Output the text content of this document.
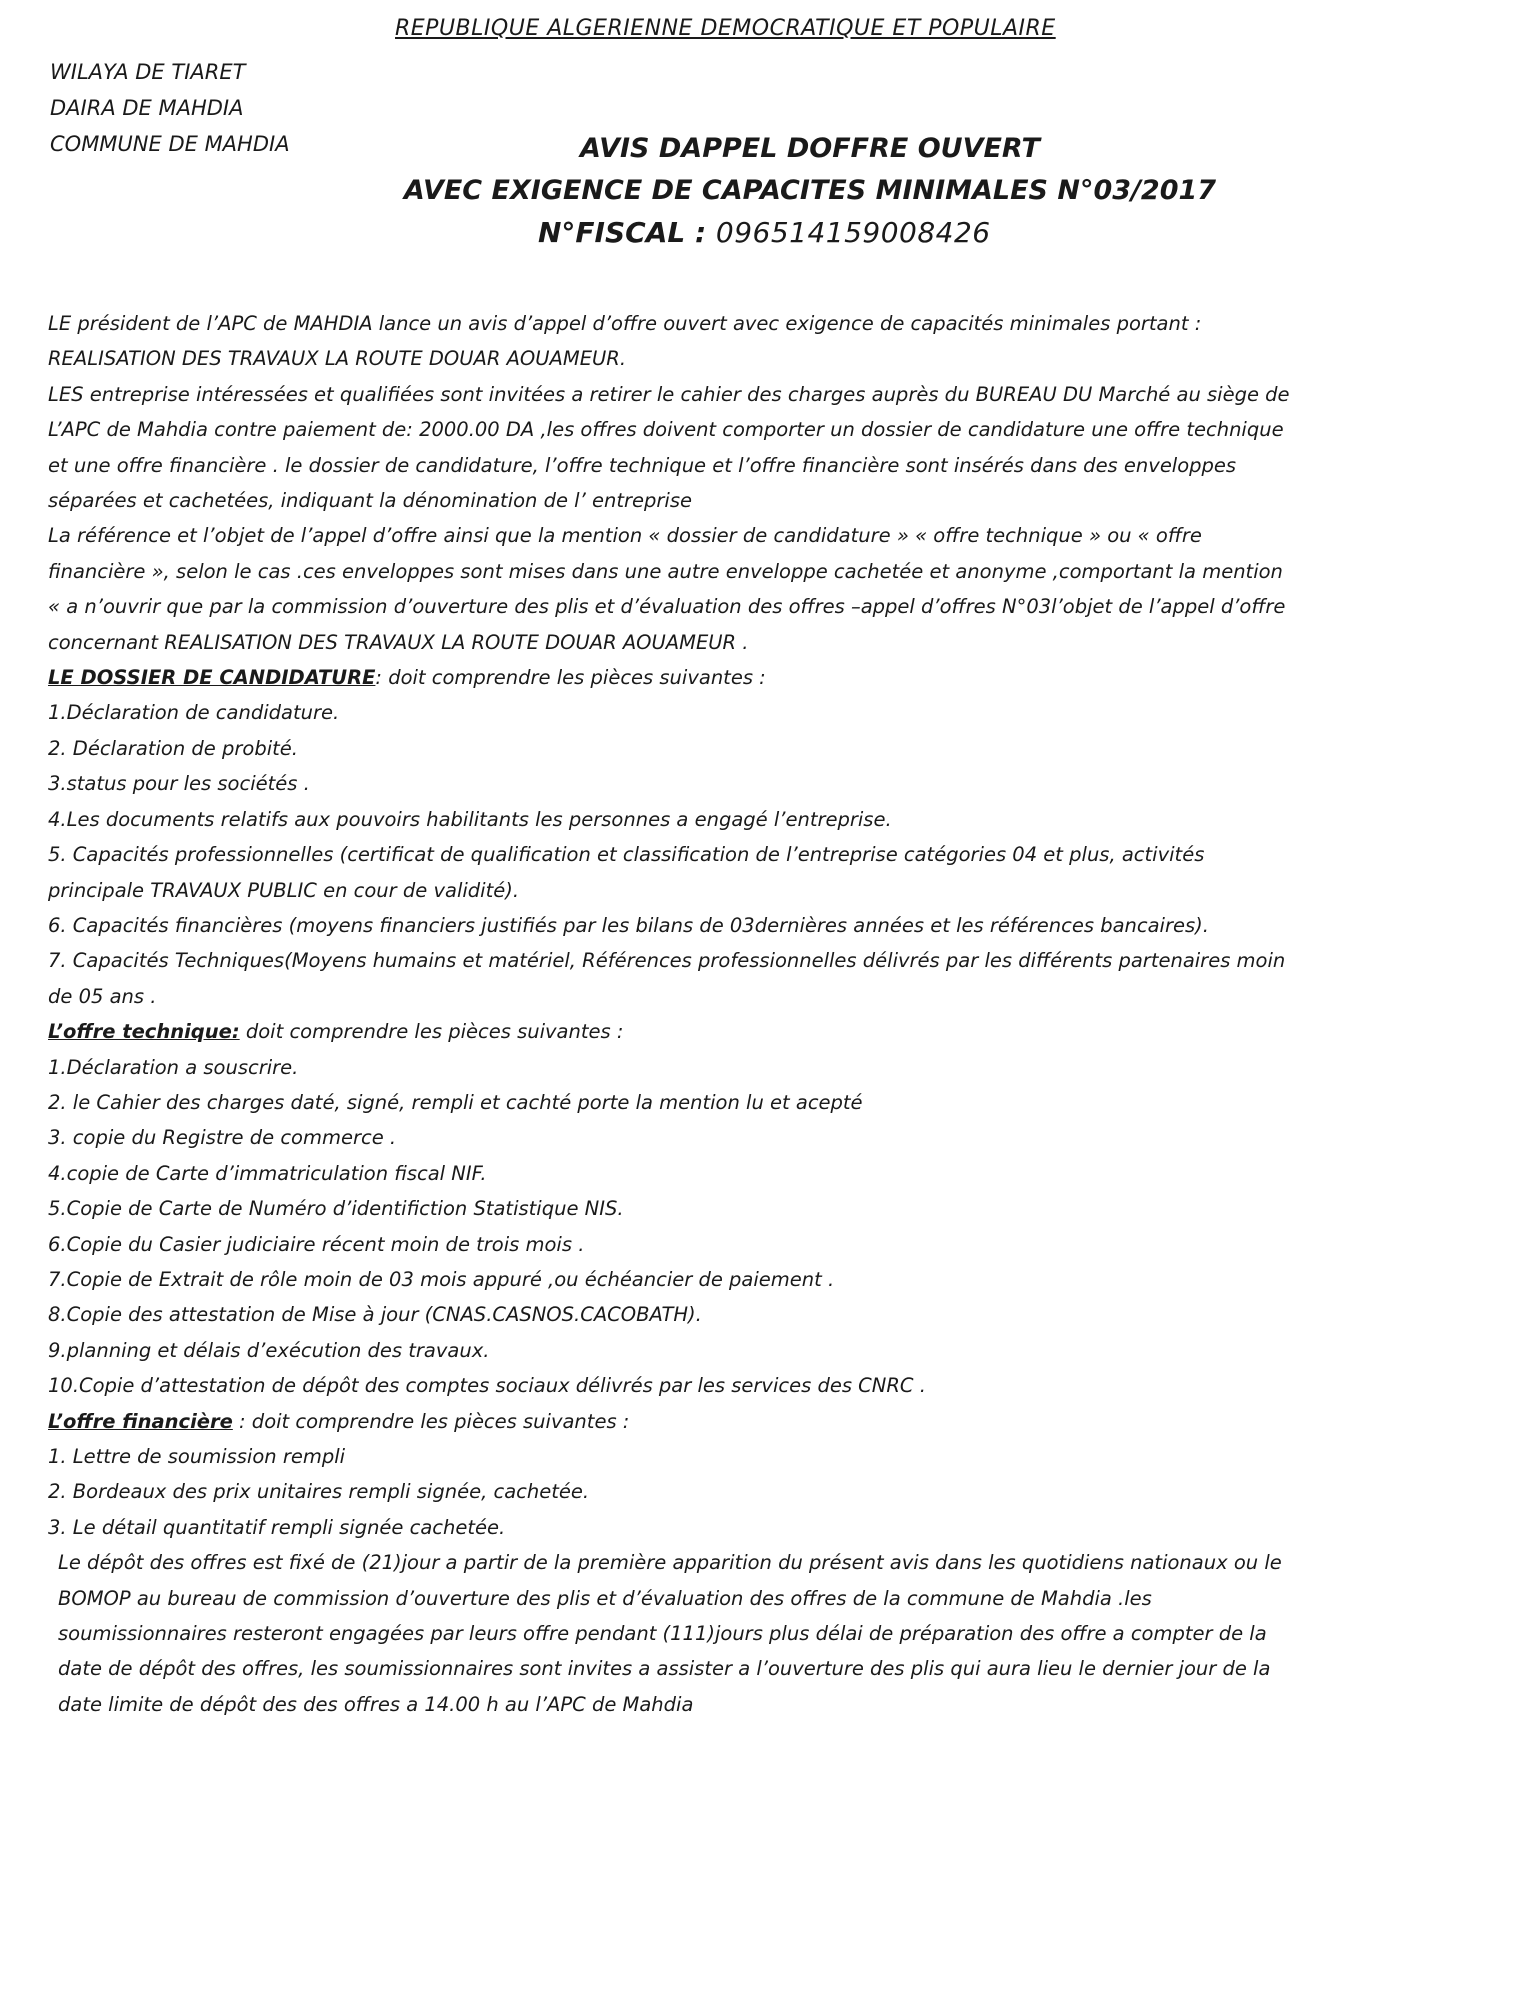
REPUBLIQUE ALGERIENNE DEMOCRATIQUE ET POPULAIRE
WILAYA DE TIARET
DAIRA DE MAHDIA
COMMUNE DE MAHDIA	AVIS DAPPEL DOFFRE OUVERT
AVEC EXIGENCE DE CAPACITES MINIMALES N°03/2017
N°FISCAL : 096514159008426
LE président de l’APC de MAHDIA lance un avis d’appel d’offre ouvert avec exigence de capacités minimales portant :
REALISATION DES TRAVAUX LA ROUTE DOUAR AOUAMEUR.
LES entreprise intéressées et qualifiées sont invitées a retirer le cahier des charges auprès du BUREAU DU Marché au siège de
L’APC de Mahdia contre paiement de: 2000.00 DA ,les offres doivent comporter un dossier de candidature une offre technique
et une offre financière . le dossier de candidature, l’offre technique et l’offre financière sont insérés dans des enveloppes
séparées et cachetées, indiquant la dénomination de l’ entreprise
La référence et l’objet de l’appel d’offre ainsi que la mention « dossier de candidature » « offre technique » ou « offre
financière », selon le cas .ces enveloppes sont mises dans une autre enveloppe cachetée et anonyme ,comportant la mention
« a n’ouvrir que par la commission d’ouverture des plis et d’évaluation des offres –appel d’offres N°03l’objet de l’appel d’offre
concernant REALISATION DES TRAVAUX LA ROUTE DOUAR AOUAMEUR .
LE DOSSIER DE CANDIDATURE: doit comprendre les pièces suivantes :
1.Déclaration de candidature.
2. Déclaration de probité.
3.status pour les sociétés .
4.Les documents relatifs aux pouvoirs habilitants les personnes a engagé l’entreprise.
5. Capacités professionnelles (certificat de qualification et classification de l’entreprise catégories 04 et plus, activités
principale TRAVAUX PUBLIC en cour de validité).
6. Capacités financières (moyens financiers justifiés par les bilans de 03dernières années et les références bancaires).
7. Capacités Techniques(Moyens humains et matériel, Références professionnelles délivrés par les différents partenaires moin
de 05 ans .
L’offre technique: doit comprendre les pièces suivantes :
1.Déclaration a souscrire.
2. le Cahier des charges daté, signé, rempli et cachté porte la mention lu et acepté
3. copie du Registre de commerce .
4.copie de Carte d’immatriculation fiscal NIF.
5.Copie de Carte de Numéro d’identifiction Statistique NIS.
6.Copie du Casier judiciaire récent moin de trois mois .
7.Copie de Extrait de rôle moin de 03 mois appuré ,ou échéancier de paiement .
8.Copie des attestation de Mise à jour (CNAS.CASNOS.CACOBATH).
9.planning et délais d’exécution des travaux.
10.Copie d’attestation de dépôt des comptes sociaux délivrés par les services des CNRC .
L’offre financière : doit comprendre les pièces suivantes :
1. Lettre de soumission rempli
2. Bordeaux des prix unitaires rempli signée, cachetée.
3. Le détail quantitatif rempli signée cachetée.
Le dépôt des offres est fixé de (21)jour a partir de la première apparition du présent avis dans les quotidiens nationaux ou le
BOMOP au bureau de commission d’ouverture des plis et d’évaluation des offres de la commune de Mahdia .les
soumissionnaires resteront engagées par leurs offre pendant (111)jours plus délai de préparation des offre a compter de la
date de dépôt des offres, les soumissionnaires sont invites a assister a l’ouverture des plis qui aura lieu le dernier jour de la
date limite de dépôt des des offres a 14.00 h au l’APC de Mahdia
